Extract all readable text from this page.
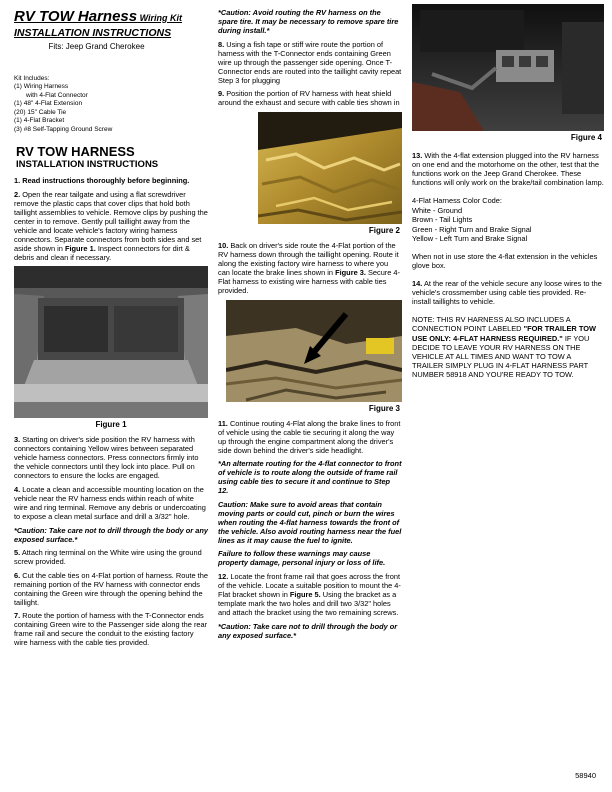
RV TOW Harness Wiring Kit
INSTALLATION INSTRUCTIONS
Fits: Jeep Grand Cherokee
Kit Includes:
(1) Wiring Harness
with 4-Flat Connector
(1) 48" 4-Flat Extension
(20) 15" Cable Tie
(1) 4-Flat Bracket
(3) #8 Self-Tapping Ground Screw
RV TOW HARNESS
INSTALLATION INSTRUCTIONS

1. Read instructions thoroughly before beginning.

2. Open the rear tailgate and using a flat screwdriver remove the plastic caps that cover clips that hold both taillight assemblies to vehicle. Remove clips by pushing the center in to remove. Gently pull taillight away from the vehicle and locate vehicle's factory wiring harness connectors. Separate connectors from both sides and set aside shown in Figure 1. Inspect connectors for dirt & debris and clean if necessary.

Figure 1

3. Starting on driver's side position the RV harness with connectors containing Yellow wires between separated vehicle harness connectors. Press connectors firmly into the vehicle connectors until they lock into place. Pull on connectors to ensure the locks are engaged.

4. Locate a clean and accessible mounting location on the vehicle near the RV harness ends within reach of white wire and ring terminal. Remove any debris or undercoating to expose a clean metal surface and drill a 3/32" hole.

*Caution: Take care not to drill through the body or any exposed surface.*

5. Attach ring terminal on the White wire using the ground screw provided.

6. Cut the cable ties on 4-Flat portion of harness. Route the remaining portion of the RV harness with connector ends containing the Green wire through the opening behind the taillight.

7. Route the portion of harness with the T-Connector ends containing Green wire to the Passenger side along the rear frame rail and secure the conduit to the existing factory wire harness with the cable ties provided.

*Caution: Avoid routing the RV harness on the spare tire. It may be necessary to remove spare tire during install.*

8. Using a fish tape or stiff wire route the portion of harness with the T-Connector ends containing Green wire up through the passenger side opening. Once T-Connector ends are routed into the taillight cavity repeat Step 3 for plugging

9. Position the portion of RV harness with heat shield around the exhaust and secure with cable ties shown in

Figure 2

10. Back on driver's side route the 4-Flat portion of the RV harness down through the taillight opening. Route it along the existing factory wire harness to where you can locate the brake lines shown in Figure 3. Secure 4-Flat harness to existing wire harness with cable ties provided.

Figure 3

11. Continue routing 4-Flat along the brake lines to front of vehicle using the cable tie securing it along the way up through the engine compartment along the driver's side down behind the driver's side headlight.

*An alternate routing for the 4-flat connector to front of vehicle is to route along the outside of frame rail using cable ties to secure it and continue to Step 12.

Caution: Make sure to avoid areas that contain moving parts or could cut, pinch or burn the wires when routing the 4-flat harness towards the front of the vehicle. Also avoid routing harness near the fuel lines as it may cause the fuel to ignite.

Failure to follow these warnings may cause property damage, personal injury or loss of life.

12. Locate the front frame rail that goes across the front of the vehicle. Locate a suitable position to mount the 4-Flat bracket shown in Figure 5. Using the bracket as a template mark the two holes and drill two 3/32" holes and attach the bracket using the two remaining screws.

*Caution: Take care not to drill through the body or any exposed surface.*

Figure 4

13. With the 4-flat extension plugged into the RV harness on one end and the motorhome on the other, test that the functions work on the Jeep Grand Cherokee. These functions will only work on the brake/tail combination lamp.

4-Flat Harness Color Code:

White - Ground

Brown - Tail Lights

Green - Right Turn and Brake Signal

Yellow - Left Turn and Brake Signal

When not in use store the 4-flat extension in the vehicles glove box.

14. At the rear of the vehicle secure any loose wires to the vehicle's crossmember using cable ties provided. Re-install taillights to vehicle.

NOTE: THIS RV HARNESS ALSO INCLUDES A CONNECTION POINT LABELED "FOR TRAILER TOW USE ONLY: 4-FLAT HARNESS REQUIRED." IF YOU DECIDE TO LEAVE YOUR RV HARNESS ON THE VEHICLE AT ALL TIMES AND WANT TO TOW A TRAILER SIMPLY PLUG IN 4-FLAT HARNESS PART NUMBER 58918 AND YOU'RE READY TO TOW.

58940
